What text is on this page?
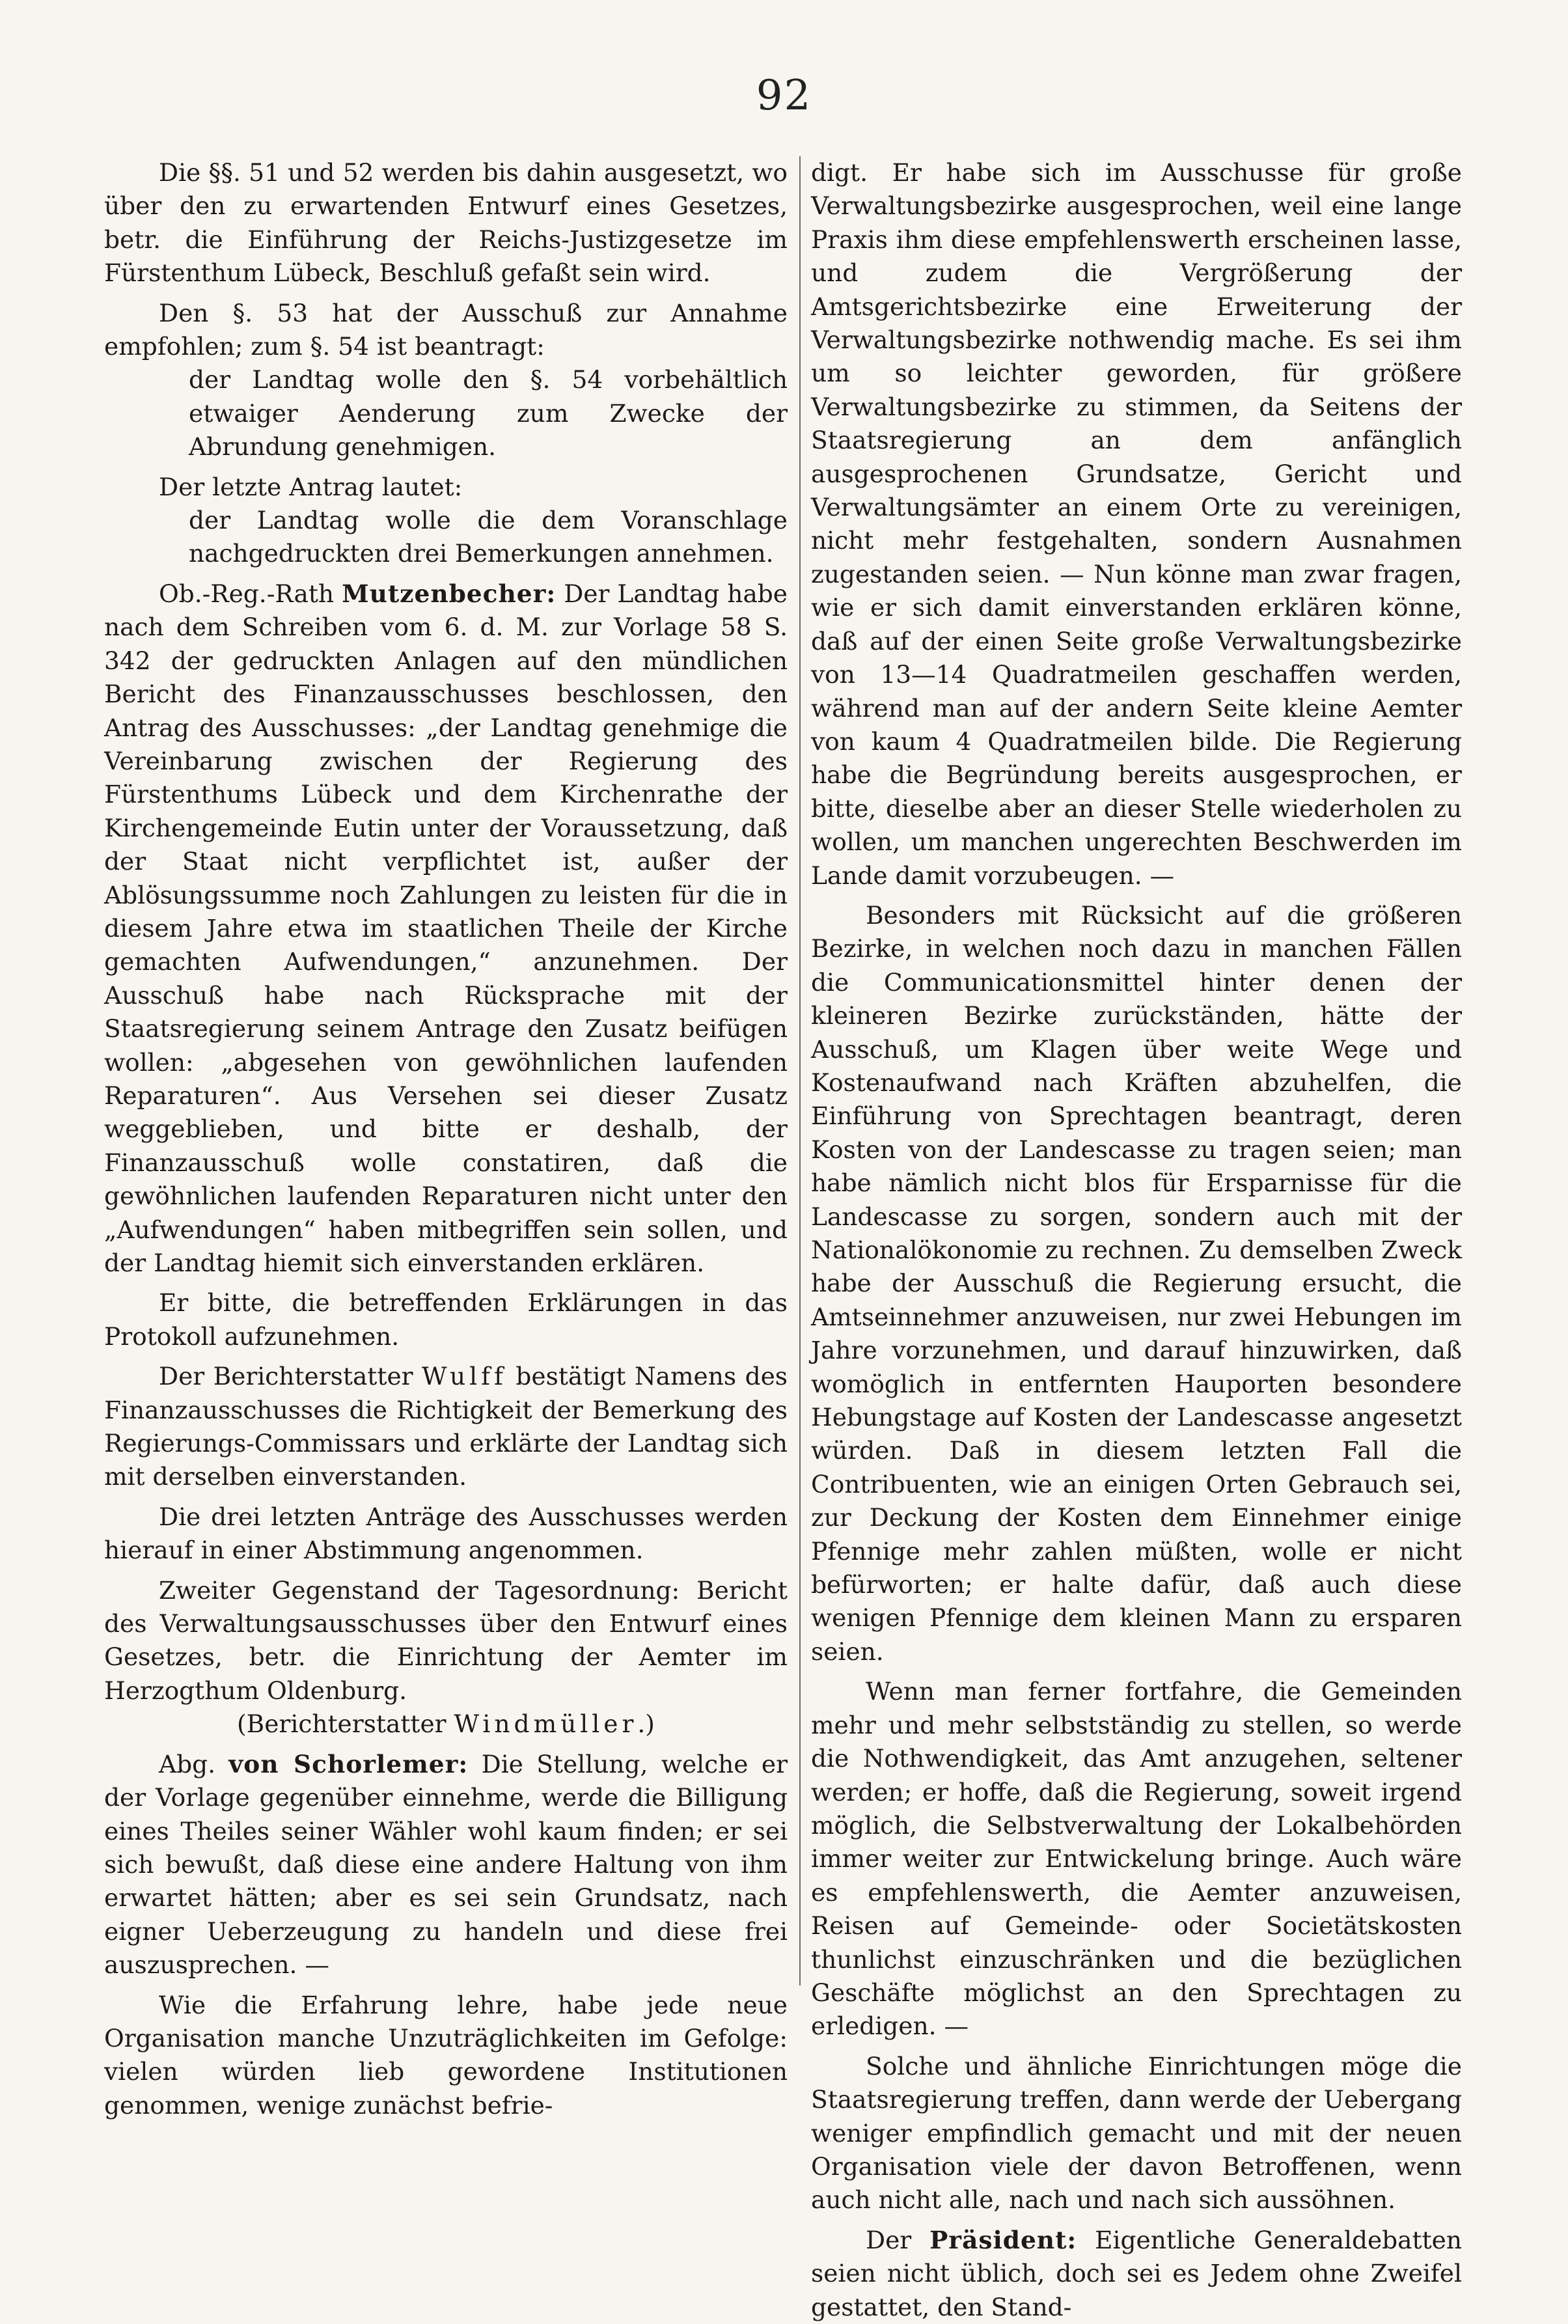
92

Die §§. 51 und 52 werden bis dahin ausgesetzt, wo über den zu erwartenden Entwurf eines Gesetzes, betr. die Einführung der Reichs-Justizgesetze im Fürstenthum Lübeck, Beschluß gefaßt sein wird.

Den §. 53 hat der Ausschuß zur Annahme empfohlen; zum §. 54 ist beantragt:

der Landtag wolle den §. 54 vorbehältlich etwaiger Aenderung zum Zwecke der Abrundung genehmigen.

Der letzte Antrag lautet:

der Landtag wolle die dem Voranschlage nachgedruckten drei Bemerkungen annehmen.

Ob.-Reg.-Rath Mutzenbecher: Der Landtag habe nach dem Schreiben vom 6. d. M. zur Vorlage 58 S. 342 der gedruckten Anlagen auf den mündlichen Bericht des Finanzausschusses beschlossen, den Antrag des Ausschusses: „der Landtag genehmige die Vereinbarung zwischen der Regierung des Fürstenthums Lübeck und dem Kirchenrathe der Kirchengemeinde Eutin unter der Voraussetzung, daß der Staat nicht verpflichtet ist, außer der Ablösungssumme noch Zahlungen zu leisten für die in diesem Jahre etwa im staatlichen Theile der Kirche gemachten Aufwendungen,“ anzunehmen. Der Ausschuß habe nach Rücksprache mit der Staatsregierung seinem Antrage den Zusatz beifügen wollen: „abgesehen von gewöhnlichen laufenden Reparaturen“. Aus Versehen sei dieser Zusatz weggeblieben, und bitte er deshalb, der Finanzausschuß wolle constatiren, daß die gewöhnlichen laufenden Reparaturen nicht unter den „Aufwendungen“ haben mitbegriffen sein sollen, und der Landtag hiemit sich einverstanden erklären.

Er bitte, die betreffenden Erklärungen in das Protokoll aufzunehmen.

Der Berichterstatter Wulff bestätigt Namens des Finanzausschusses die Richtigkeit der Bemerkung des Regierungs-Commissars und erklärte der Landtag sich mit derselben einverstanden.

Die drei letzten Anträge des Ausschusses werden hierauf in einer Abstimmung angenommen.

Zweiter Gegenstand der Tagesordnung: Bericht des Verwaltungsausschusses über den Entwurf eines Gesetzes, betr. die Einrichtung der Aemter im Herzogthum Oldenburg.

(Berichterstatter Windmüller.)

Abg. von Schorlemer: Die Stellung, welche er der Vorlage gegenüber einnehme, werde die Billigung eines Theiles seiner Wähler wohl kaum finden; er sei sich bewußt, daß diese eine andere Haltung von ihm erwartet hätten; aber es sei sein Grundsatz, nach eigner Ueberzeugung zu handeln und diese frei auszusprechen. —

Wie die Erfahrung lehre, habe jede neue Organisation manche Unzuträglichkeiten im Gefolge: vielen würden lieb gewordene Institutionen genommen, wenige zunächst befrie-

digt. Er habe sich im Ausschusse für große Verwaltungsbezirke ausgesprochen, weil eine lange Praxis ihm diese empfehlenswerth erscheinen lasse, und zudem die Vergrößerung der Amtsgerichtsbezirke eine Erweiterung der Verwaltungsbezirke nothwendig mache. Es sei ihm um so leichter geworden, für größere Verwaltungsbezirke zu stimmen, da Seitens der Staatsregierung an dem anfänglich ausgesprochenen Grundsatze, Gericht und Verwaltungsämter an einem Orte zu vereinigen, nicht mehr festgehalten, sondern Ausnahmen zugestanden seien. — Nun könne man zwar fragen, wie er sich damit einverstanden erklären könne, daß auf der einen Seite große Verwaltungsbezirke von 13—14 Quadratmeilen geschaffen werden, während man auf der andern Seite kleine Aemter von kaum 4 Quadratmeilen bilde. Die Regierung habe die Begründung bereits ausgesprochen, er bitte, dieselbe aber an dieser Stelle wiederholen zu wollen, um manchen ungerechten Beschwerden im Lande damit vorzubeugen. —

Besonders mit Rücksicht auf die größeren Bezirke, in welchen noch dazu in manchen Fällen die Communicationsmittel hinter denen der kleineren Bezirke zurückständen, hätte der Ausschuß, um Klagen über weite Wege und Kostenaufwand nach Kräften abzuhelfen, die Einführung von Sprechtagen beantragt, deren Kosten von der Landescasse zu tragen seien; man habe nämlich nicht blos für Ersparnisse für die Landescasse zu sorgen, sondern auch mit der Nationalökonomie zu rechnen. Zu demselben Zweck habe der Ausschuß die Regierung ersucht, die Amtseinnehmer anzuweisen, nur zwei Hebungen im Jahre vorzunehmen, und darauf hinzuwirken, daß womöglich in entfernten Hauporten besondere Hebungstage auf Kosten der Landescasse angesetzt würden. Daß in diesem letzten Fall die Contribuenten, wie an einigen Orten Gebrauch sei, zur Deckung der Kosten dem Einnehmer einige Pfennige mehr zahlen müßten, wolle er nicht befürworten; er halte dafür, daß auch diese wenigen Pfennige dem kleinen Mann zu ersparen seien.

Wenn man ferner fortfahre, die Gemeinden mehr und mehr selbstständig zu stellen, so werde die Nothwendigkeit, das Amt anzugehen, seltener werden; er hoffe, daß die Regierung, soweit irgend möglich, die Selbstverwaltung der Lokalbehörden immer weiter zur Entwickelung bringe. Auch wäre es empfehlenswerth, die Aemter anzuweisen, Reisen auf Gemeinde- oder Societätskosten thunlichst einzuschränken und die bezüglichen Geschäfte möglichst an den Sprechtagen zu erledigen. —

Solche und ähnliche Einrichtungen möge die Staatsregierung treffen, dann werde der Uebergang weniger empfindlich gemacht und mit der neuen Organisation viele der davon Betroffenen, wenn auch nicht alle, nach und nach sich aussöhnen.

Der Präsident: Eigentliche Generaldebatten seien nicht üblich, doch sei es Jedem ohne Zweifel gestattet, den Stand-
